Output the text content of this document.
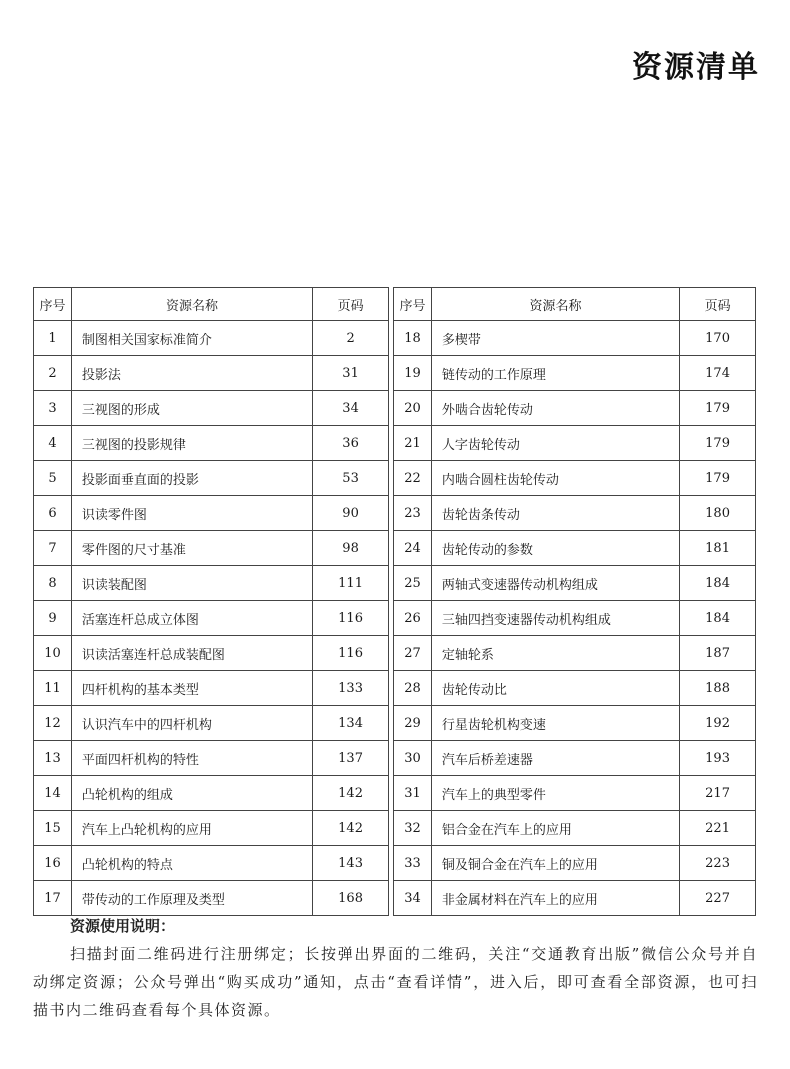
资源清单
序号	资源名称	页码
1	制图相关国家标准简介	2
2	投影法	31
3	三视图的形成	34
4	三视图的投影规律	36
5	投影面垂直面的投影	53
6	识读零件图	90
7	零件图的尺寸基准	98
8	识读装配图	111
9	活塞连杆总成立体图	116
10	识读活塞连杆总成装配图	116
11	四杆机构的基本类型	133
12	认识汽车中的四杆机构	134
13	平面四杆机构的特性	137
14	凸轮机构的组成	142
15	汽车上凸轮机构的应用	142
16	凸轮机构的特点	143
17	带传动的工作原理及类型	168
序号	资源名称	页码
18	多楔带	170
19	链传动的工作原理	174
20	外啮合齿轮传动	179
21	人字齿轮传动	179
22	内啮合圆柱齿轮传动	179
23	齿轮齿条传动	180
24	齿轮传动的参数	181
25	两轴式变速器传动机构组成	184
26	三轴四挡变速器传动机构组成	184
27	定轴轮系	187
28	齿轮传动比	188
29	行星齿轮机构变速	192
30	汽车后桥差速器	193
31	汽车上的典型零件	217
32	铝合金在汽车上的应用	221
33	铜及铜合金在汽车上的应用	223
34	非金属材料在汽车上的应用	227
资源使用说明：
扫描封面二维码进行注册绑定；长按弹出界面的二维码，关注“交通教育出版”微信公众号并自动绑定资源；公众号弹出“购买成功”通知，点击“查看详情”，进入后，即可查看全部资源，也可扫描书内二维码查看每个具体资源。
